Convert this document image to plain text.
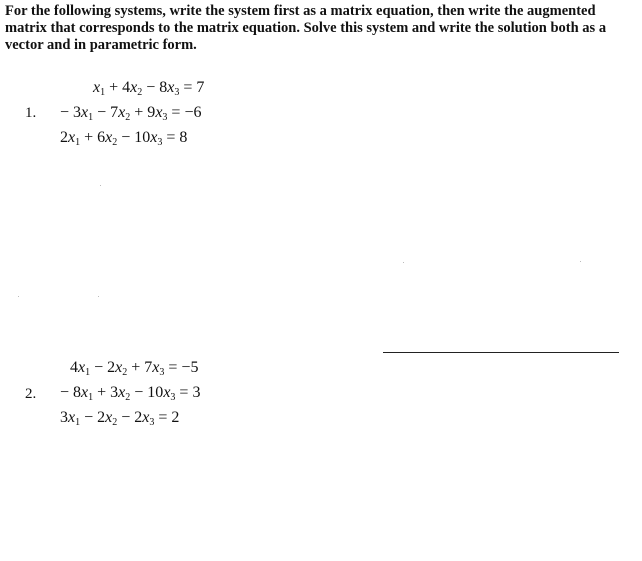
For the following systems, write the system first as a matrix equation, then write the augmented matrix that corresponds to the matrix equation. Solve this system and write the solution both as a vector and in parametric form.

1.
$x_1 + 4x_2 - 8x_3 = 7$
− $3x_1 - 7x_2 + 9x_3 = -6$
$2x_1 + 6x_2 - 10x_3 = 8$
2.
$4x_1 - 2x_2 + 7x_3 = -5$
− $8x_1 + 3x_2 - 10x_3 = 3$
$3x_1 - 2x_2 - 2x_3 = 2$
